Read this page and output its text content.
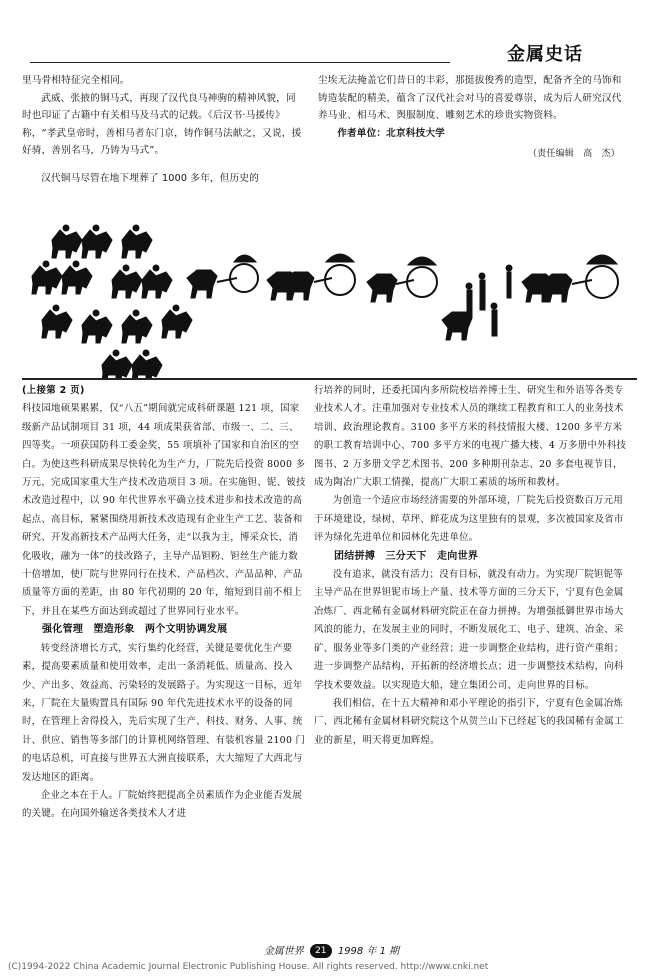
金属史话

里马骨相特征完全相同。

武威、张掖的铜马式，再现了汉代良马神驹的精神风貌，同时也印证了古籍中有关相马及马式的记载。《后汉书·马援传》称，“孝武皇帝时，善相马者东门京，铸作铜马法献之，又说，援好骑，善别名马，乃铸为马式”。

汉代铜马尽管在地下埋葬了 1000 多年，但历史的

尘埃无法掩盖它们昔日的丰彩，那挺拔俊秀的造型，配备齐全的马饰和铸造装配的精美，蕴含了汉代社会对马的喜爱尊崇，成为后人研究汉代养马业、相马术、舆服制度、雕刻艺术的珍贵实物资料。

作者单位：北京科技大学

（责任编辑　高　杰）

(上接第 2 页)

科技园地硕果累累，仅“八五”期间就完成科研课题 121 项，国家级新产品试制项目 31 项，44 项成果获省部、市级一、二、三、四等奖。一项获国防科工委金奖，55 项填补了国家和自治区的空白。为使这些科研成果尽快转化为生产力，厂院先后投资 8000 多万元，完成国家重大生产技术改造项目 3 项。在实施钽、铌、铍技术改造过程中，以 90 年代世界水平确立技术进步和技术改造的高起点、高目标，紧紧围绕用新技术改造现有企业生产工艺、装备和研究、开发高新技术产品两大任务，走“以我为主，博采众长，消化吸收，融为一体”的技改路子，主导产品钽粉、钽丝生产能力数十倍增加，使厂院与世界同行在技术、产品档次、产品品种、产品质量等方面的差距，由 80 年代初期的 20 年，缩短到目前不相上下，并且在某些方面达到或超过了世界同行业水平。

强化管理　塑造形象　两个文明协调发展

转变经济增长方式，实行集约化经营，关键是要优化生产要素，提高要素质量和使用效率，走出一条消耗低、质量高、投入少、产出多、效益高、污染轻的发展路子。为实现这一目标，近年来，厂院在大量购置具有国际 90 年代先进技术水平的设备的同时，在管理上舍得投入，先后实现了生产、科技、财务、人事、统计、供应、销售等多部门的计算机网络管理、有装机容量 2100 门的电话总机，可直接与世界五大洲直接联系，大大缩短了大西北与发达地区的距离。

企业之本在于人。厂院始终把提高全员素质作为企业能否发展的关键。在向国外输送各类技术人才进

行培养的同时，还委托国内多所院校培养博士生、研究生和外语等各类专业技术人才。注重加强对专业技术人员的继续工程教育和工人的业务技术培训、政治理论教育。3100 多平方米的科技情报大楼、1200 多平方米的职工教育培训中心、700 多平方米的电视广播大楼、4 万多册中外科技图书、2 万多册文学艺术图书、200 多种期刊杂志、20 多套电视节目，成为陶冶广大职工情操，提高广大职工素质的场所和教材。

为创造一个适应市场经济需要的外部环境，厂院先后投资数百万元用于环境建设，绿树、草坪、鲜花成为这里独有的景观，多次被国家及省市评为绿化先进单位和园林化先进单位。

团结拼搏　三分天下　走向世界

没有追求，就没有活力；没有目标，就没有动力。为实现厂院钽铌等主导产品在世界钽铌市场上产量、技术等方面的三分天下，宁夏有色金属冶炼厂、西北稀有金属材料研究院正在奋力拼搏。为增强抵御世界市场大风浪的能力，在发展主业的同时，不断发展化工、电子、建筑、冶金、采矿、服务业等多门类的产业经营；进一步调整企业结构，进行资产重组；进一步调整产品结构，开拓新的经济增长点；进一步调整技术结构，向科学技术要效益。以实现造大船，建立集团公司、走向世界的目标。

我们相信，在十五大精神和邓小平理论的指引下，宁夏有色金属冶炼厂、西北稀有金属材料研究院这个从贺兰山下已经起飞的我国稀有金属工业的新星，明天将更加辉煌。

金属世界 21 1998 年 1 期
(C)1994-2022 China Academic Journal Electronic Publishing House. All rights reserved. http://www.cnki.net
